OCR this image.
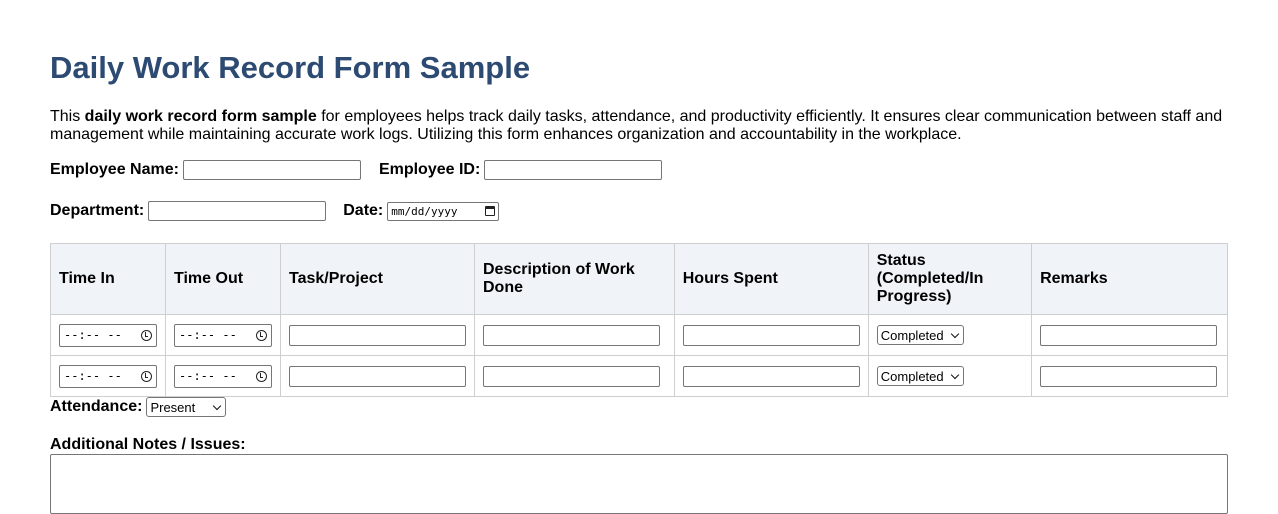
Daily Work Record Form Sample
This daily work record form sample for employees helps track daily tasks, attendance, and productivity efficiently. It ensures clear communication between staff and management while maintaining accurate work logs. Utilizing this form enhances organization and accountability in the workplace.
Employee Name:	Employee ID:
Department:	Date: mm/dd/yyyy
Time In	Time Out	Task/Project	Description of Work Done	Hours Spent	Status (Completed/In Progress)	Remarks

--:-- --	--:-- --				Completed

--:-- --	--:-- --				Completed

Attendance: Present
Additional Notes / Issues:
